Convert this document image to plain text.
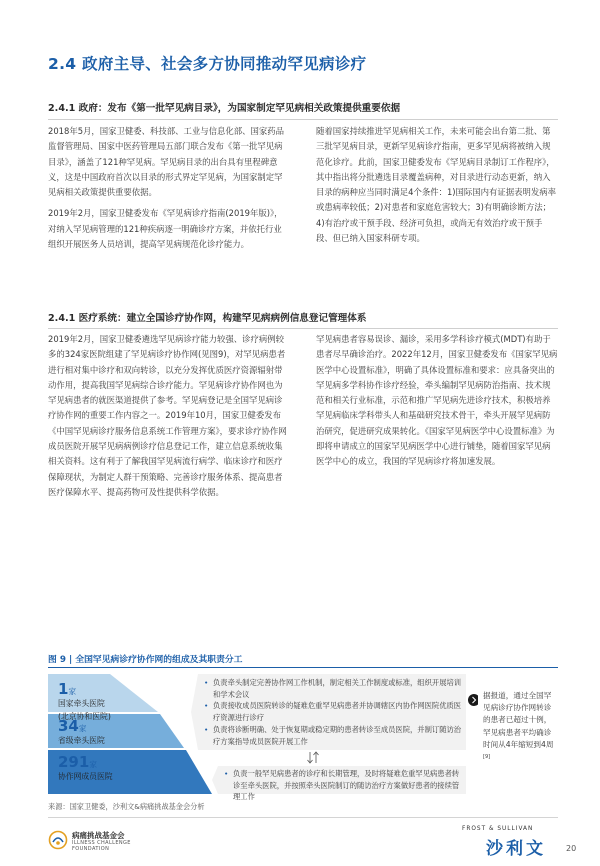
2.4 政府主导、社会多方协同推动罕见病诊疗
2.4.1 政府：发布《第一批罕见病目录》，为国家制定罕见病相关政策提供重要依据

2018年5月，国家卫健委、科技部、工业与信息化部、国家药品监督管理局、国家中医药管理局五部门联合发布《第一批罕见病目录》，涵盖了121种罕见病。罕见病目录的出台具有里程碑意义，这是中国政府首次以目录的形式界定罕见病，为国家制定罕见病相关政策提供重要依据。

2019年2月，国家卫健委发布《罕见病诊疗指南(2019年版)》，对纳入罕见病管理的121种疾病逐一明确诊疗方案，并依托行业组织开展医务人员培训，提高罕见病规范化诊疗能力。

随着国家持续推进罕见病相关工作，未来可能会出台第二批、第三批罕见病目录，更新罕见病诊疗指南，更多罕见病将被纳入规范化诊疗。此前，国家卫健委发布《罕见病目录制订工作程序》，其中指出将分批遴选目录覆盖病种，对目录进行动态更新，纳入目录的病种应当同时满足4个条件：1)国际国内有证据表明发病率或患病率较低；2)对患者和家庭危害较大；3)有明确诊断方法；4)有治疗或干预手段、经济可负担，或尚无有效治疗或干预手段、但已纳入国家科研专项。

2.4.1 医疗系统：建立全国诊疗协作网，构建罕见病病例信息登记管理体系

2019年2月，国家卫健委遴选罕见病诊疗能力较强、诊疗病例较多的324家医院组建了罕见病诊疗协作网(见图9)，对罕见病患者进行相对集中诊疗和双向转诊，以充分发挥优质医疗资源辐射带动作用，提高我国罕见病综合诊疗能力。罕见病诊疗协作网也为罕见病患者的就医渠道提供了参考。罕见病登记是全国罕见病诊疗协作网的重要工作内容之一。2019年10月，国家卫健委发布《中国罕见病诊疗服务信息系统工作管理方案》，要求诊疗协作网成员医院开展罕见病病例诊疗信息登记工作，建立信息系统收集相关资料。这有利于了解我国罕见病流行病学、临床诊疗和医疗保障现状，为制定人群干预策略、完善诊疗服务体系、提高患者医疗保障水平、提高药物可及性提供科学依据。

罕见病患者容易误诊、漏诊，采用多学科诊疗模式(MDT)有助于患者尽早确诊治疗。2022年12月，国家卫健委发布《国家罕见病医学中心设置标准》，明确了具体设置标准和要求：应具备突出的罕见病多学科协作诊疗经验，牵头编制罕见病防治指南、技术规范和相关行业标准，示范和推广罕见病先进诊疗技术，积极培养罕见病临床学科带头人和基础研究技术骨干，牵头开展罕见病防治研究，促进研究成果转化。《国家罕见病医学中心设置标准》为即将申请成立的国家罕见病医学中心进行铺垫，随着国家罕见病医学中心的成立，我国的罕见病诊疗将加速发展。

图 9 | 全国罕见病诊疗协作网的组成及其职责分工
1家
国家牵头医院
(北京协和医院)
34家
省级牵头医院
291家
协作网成员医院
• 负责牵头制定完善协作网工作机制，制定相关工作制度或标准，组织开展培训和学术会议
• 负责接收成员医院转诊的疑难危重罕见病患者并协调辖区内协作网医院优质医疗资源进行诊疗
• 负责将诊断明确、处于恢复期或稳定期的患者转诊至成员医院，并制订随访治疗方案指导成员医院开展工作
• 负责一般罕见病患者的诊疗和长期管理，及时将疑难危重罕见病患者转诊至牵头医院，并按照牵头医院制订的随访治疗方案做好患者的接续管理工作
据报道，通过全国罕见病诊疗协作网转诊的患者已超过十例，罕见病患者平均确诊时间从4年缩短到4周[9]
来源：国家卫健委，沙利文&病痛挑战基金会分析
病痛挑战基金会
ILLNESS CHALLENGE
FOUNDATION
FROST & SULLIVAN
沙利文	20
